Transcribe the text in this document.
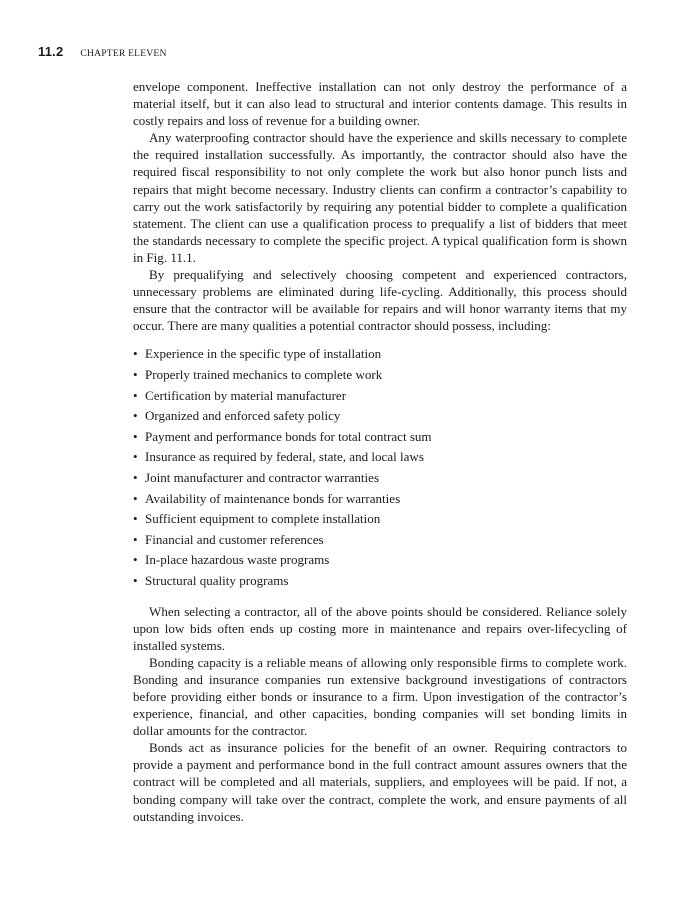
11.2 CHAPTER ELEVEN

envelope component. Ineffective installation can not only destroy the performance of a material itself, but it can also lead to structural and interior contents damage. This results in costly repairs and loss of revenue for a building owner.

Any waterproofing contractor should have the experience and skills necessary to complete the required installation successfully. As importantly, the contractor should also have the required fiscal responsibility to not only complete the work but also honor punch lists and repairs that might become necessary. Industry clients can confirm a contractor’s capability to carry out the work satisfactorily by requiring any potential bidder to complete a qualification statement. The client can use a qualification process to prequalify a list of bidders that meet the standards necessary to complete the specific project. A typical qualification form is shown in Fig. 11.1.

By prequalifying and selectively choosing competent and experienced contractors, unnecessary problems are eliminated during life-cycling. Additionally, this process should ensure that the contractor will be available for repairs and will honor warranty items that my occur. There are many qualities a potential contractor should possess, including:

• Experience in the specific type of installation
• Properly trained mechanics to complete work
• Certification by material manufacturer
• Organized and enforced safety policy
• Payment and performance bonds for total contract sum
• Insurance as required by federal, state, and local laws
• Joint manufacturer and contractor warranties
• Availability of maintenance bonds for warranties
• Sufficient equipment to complete installation
• Financial and customer references
• In-place hazardous waste programs
• Structural quality programs

When selecting a contractor, all of the above points should be considered. Reliance solely upon low bids often ends up costing more in maintenance and repairs over-lifecycling of installed systems.

Bonding capacity is a reliable means of allowing only responsible firms to complete work. Bonding and insurance companies run extensive background investigations of contractors before providing either bonds or insurance to a firm. Upon investigation of the contractor’s experience, financial, and other capacities, bonding companies will set bonding limits in dollar amounts for the contractor.

Bonds act as insurance policies for the benefit of an owner. Requiring contractors to provide a payment and performance bond in the full contract amount assures owners that the contract will be completed and all materials, suppliers, and employees will be paid. If not, a bonding company will take over the contract, complete the work, and ensure payments of all outstanding invoices.
